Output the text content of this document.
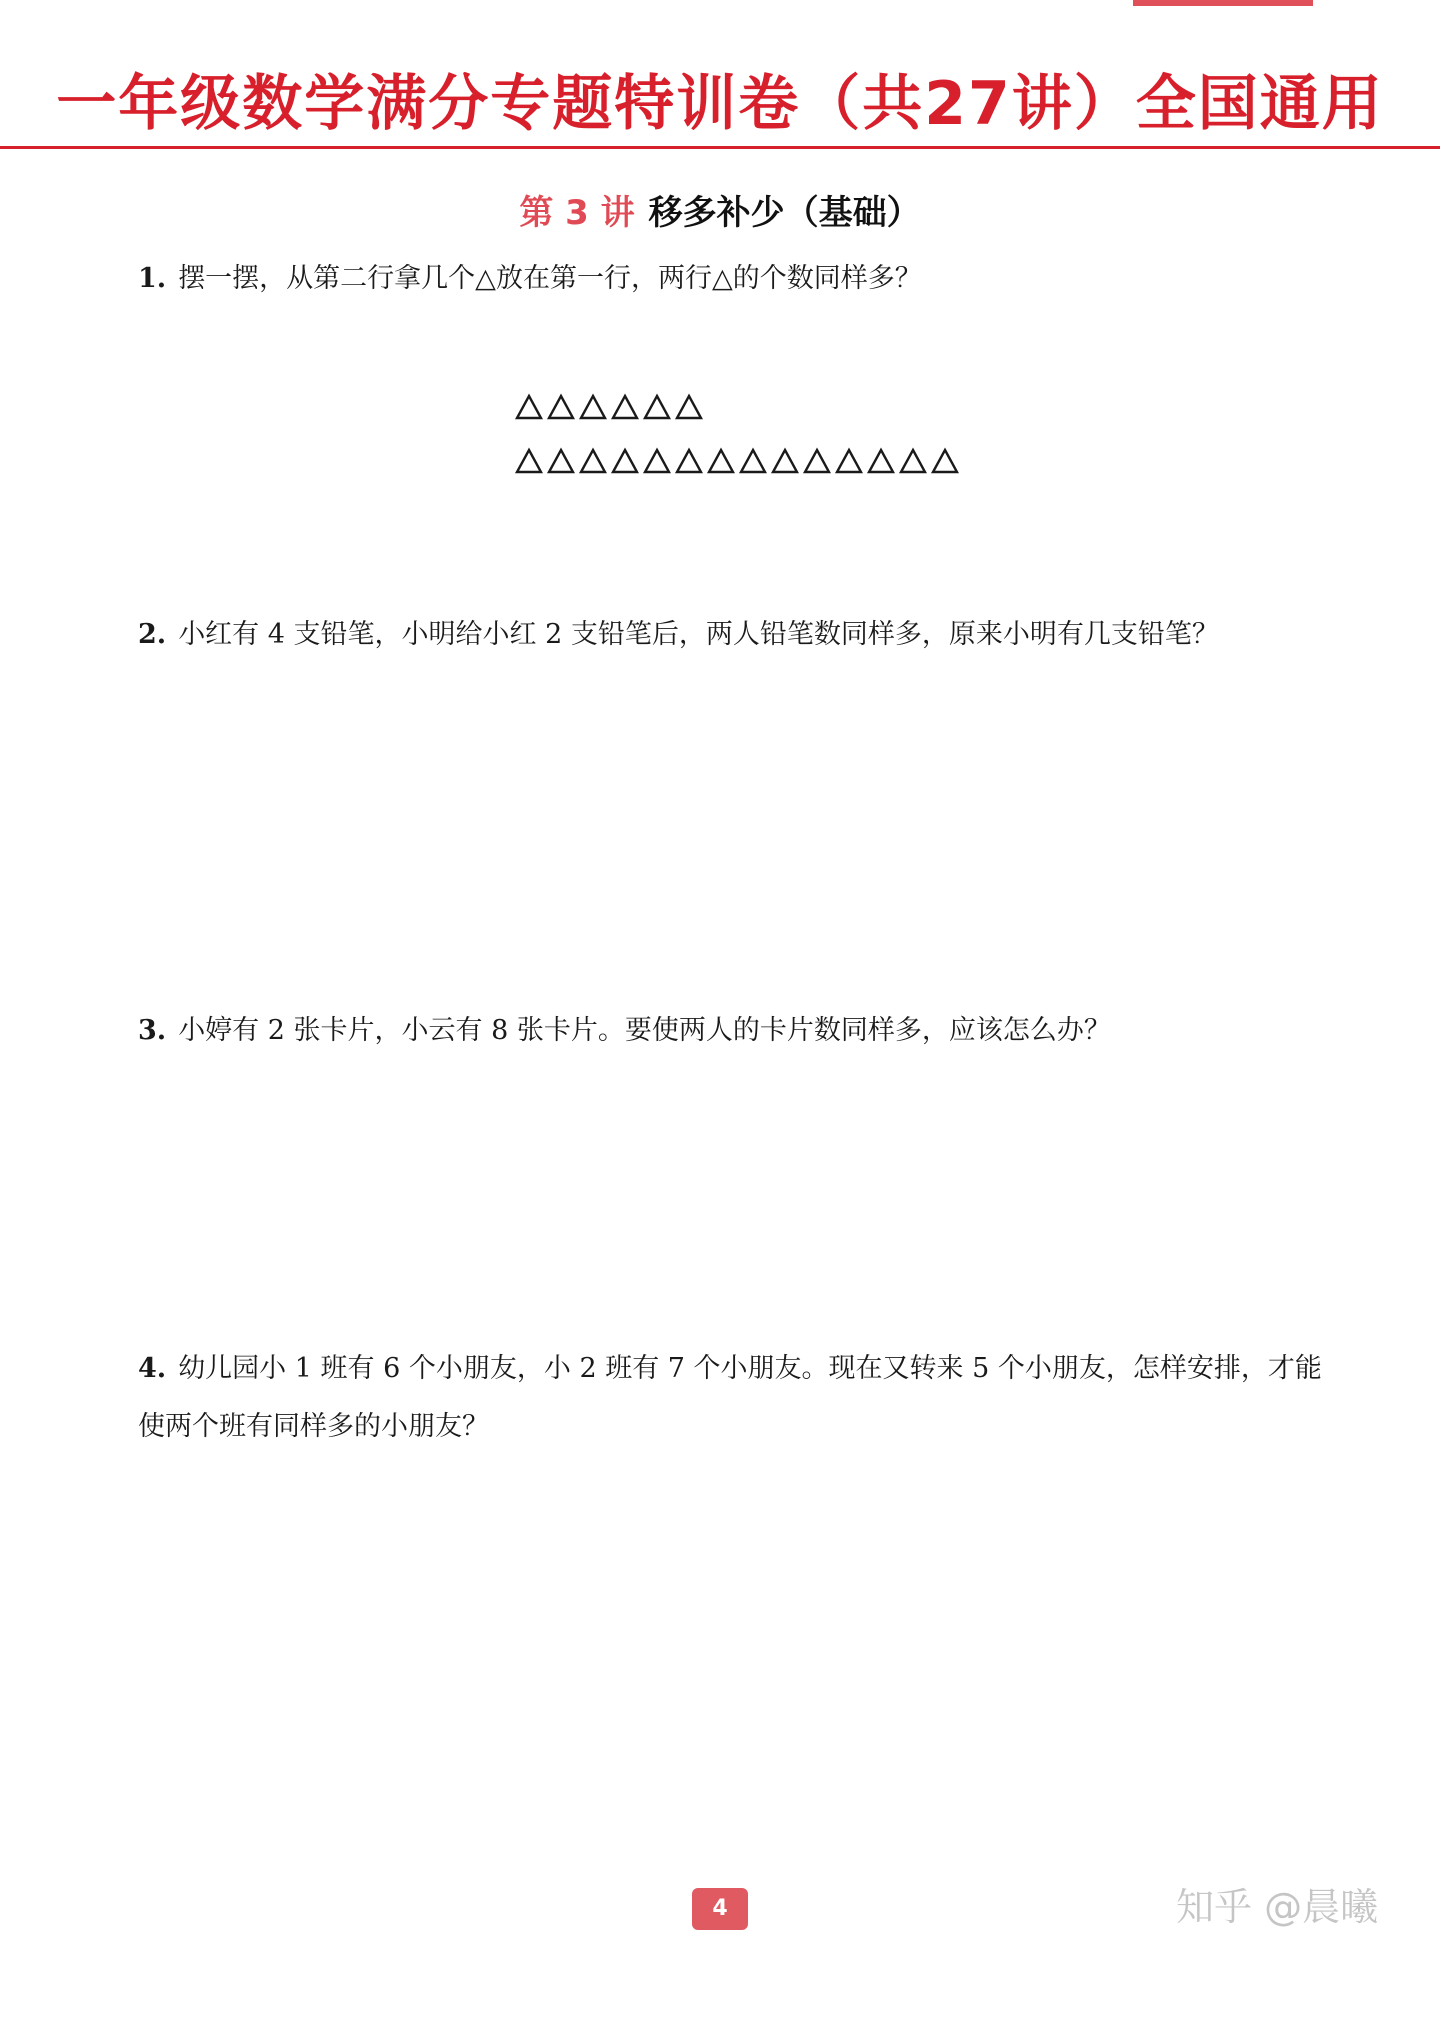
一年级数学满分专题特训卷（共27讲）全国通用
第 3 讲 移多补少（基础）
1. 摆一摆，从第二行拿几个△放在第一行，两行△的个数同样多？
2. 小红有 4 支铅笔，小明给小红 2 支铅笔后，两人铅笔数同样多，原来小明有几支铅笔？
3. 小婷有 2 张卡片，小云有 8 张卡片。要使两人的卡片数同样多，应该怎么办？
4. 幼儿园小 1 班有 6 个小朋友，小 2 班有 7 个小朋友。现在又转来 5 个小朋友，怎样安排，才能使两个班有同样多的小朋友？
4	知乎 @晨曦
